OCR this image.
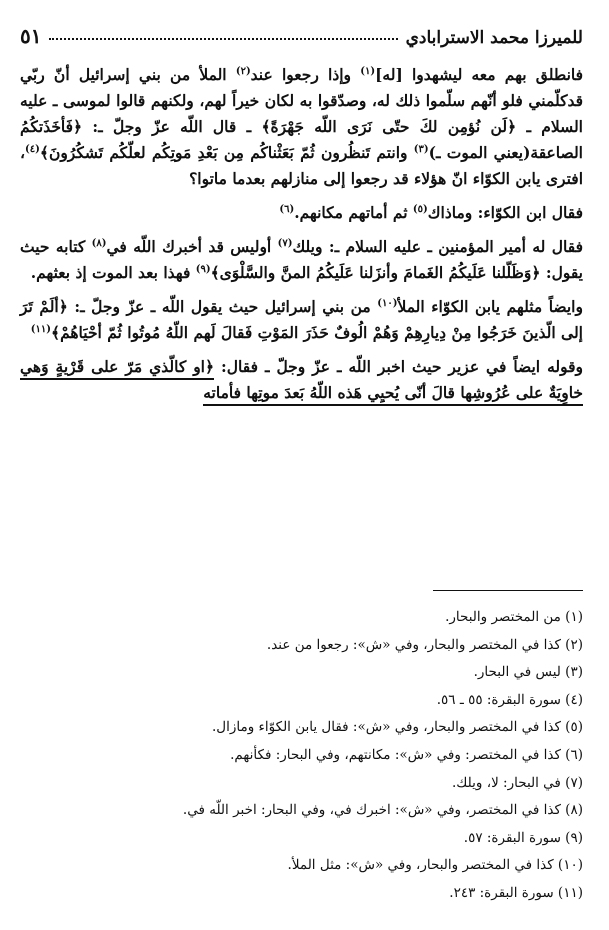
للميرزا محمد الاسترابادي
٥١

فانطلق بهم معه ليشهدوا [له]$^{(١)}$ وإذا رجعوا عند$^{(٢)}$ الملأ من بني إسرائيل أنّ ربّي قدكلّمني فلو أنّهم سلّموا ذلك له، وصدّقوا به لكان خيراً لهم، ولكنهم قالوا لموسى ـ عليه السلام ـ ﴿لَن نُؤمِن لكَ حتّى نَرَى اللّه جَهْرَةً﴾ ـ قال اللّه عزّ وجلّ ـ: ﴿فَأخَذَتكُمُ الصاعقة(يعني الموت ـ)$^{(٣)}$ وانتم تَنظُرون ثُمّ بَعَثْناكُم مِن بَعْدِ مَوتِكُم لعلّكُم تَشكُرُونَ﴾$^{(٤)}$، افترى يابن الكوّاء انّ هؤلاء قد رجعوا إلى منازلهم بعدما ماتوا؟

فقال ابن الكوّاء: وماذاك$^{(٥)}$ ثم أماتهم مكانهم.$^{(٦)}$

فقال له أمير المؤمنين ـ عليه السلام ـ: ويلك$^{(٧)}$ أوليس قد أخبرك اللّه في$^{(٨)}$ كتابه حيث يقول: ﴿وَظَلّلنا عَلَيكُمُ الغَمامَ وأنزَلنا عَلَيكُمُ المنَّ والسَّلْوَى﴾$^{(٩)}$ فهذا بعد الموت إذ بعثهم.

وايضاً مثلهم يابن الكوّاء الملأ$^{(١٠)}$ من بني إسرائيل حيث يقول اللّه ـ عزّ وجلّ ـ: ﴿ألَمْ تَرَ إلى الّذينَ خَرَجُوا مِنْ دِيارِهِمْ وَهُمْ الُوفٌ حَذَرَ المَوْتِ فَقالَ لَهم اللّهُ مُوتُوا ثُمّ أحْيَاهُمْ﴾$^{(١١)}$

وقوله ايضاً في عزير حيث اخبر اللّه ـ عزّ وجلّ ـ فقال: ﴿او كالّذي مَرّ على قَرْيةٍ وَهي خاوِيَةٌ على عُرُوشِها قالَ أنّى يُحيِي هَذه اللّهُ بَعدَ موتِها فأماته

(١) من المختصر والبحار.
(٢) كذا في المختصر والبحار، وفي «ش»: رجعوا من عند.
(٣) ليس في البحار.
(٤) سورة البقرة: ٥٥ ـ ٥٦.
(٥) كذا في المختصر والبحار، وفي «ش»: فقال يابن الكوّاء ومازال.
(٦) كذا في المختصر: وفي «ش»: مكانتهم، وفي البحار: فكأنهم.
(٧) في البحار: لا، ويلك.
(٨) كذا في المختصر، وفي «ش»: اخبرك في، وفي البحار: اخبر اللّه في.
(٩) سورة البقرة: ٥٧.
(١٠) كذا في المختصر والبحار، وفي «ش»: مثل الملأ.
(١١) سورة البقرة: ٢٤٣.
